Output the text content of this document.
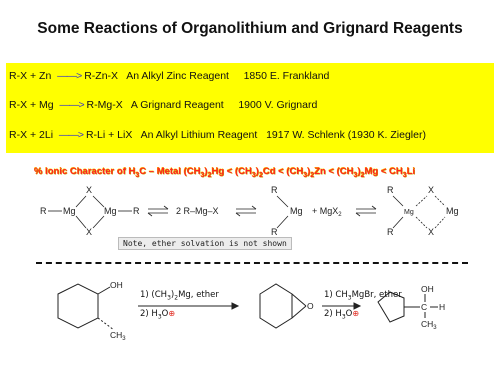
Some Reactions of Organolithium and Grignard Reagents
R-X + Zn ——> R-Zn-X An Alkyl Zinc Reagent 1850 E. Frankland
R-X + Mg ——> R-Mg-X A Grignard Reagent 1900 V. Grignard
R-X + 2Li ——> R-Li + LiX An Alkyl Lithium Reagent 1917 W. Schlenk (1930 K. Ziegler)
% Ionic Character of $H_3C$ – Metal $(CH_3)_2Hg < (CH_3)_2Cd < (CH_3)_2Zn < (CH_3)_2Mg < CH_3Li$
R Mg
X
X
Mg R	2 R–Mg–X
R
R
Mg + MgX$_2$
R
R
Mg
X
X
Mg
Note, ether solvation is not shown
OH
$CH_3$
O
OH
C H
$CH_3$
1) $(CH_3)_2Mg$, ether
2) $H_3O\oplus$
1) $CH_3MgBr$, ether
2) $H_3O\oplus$
